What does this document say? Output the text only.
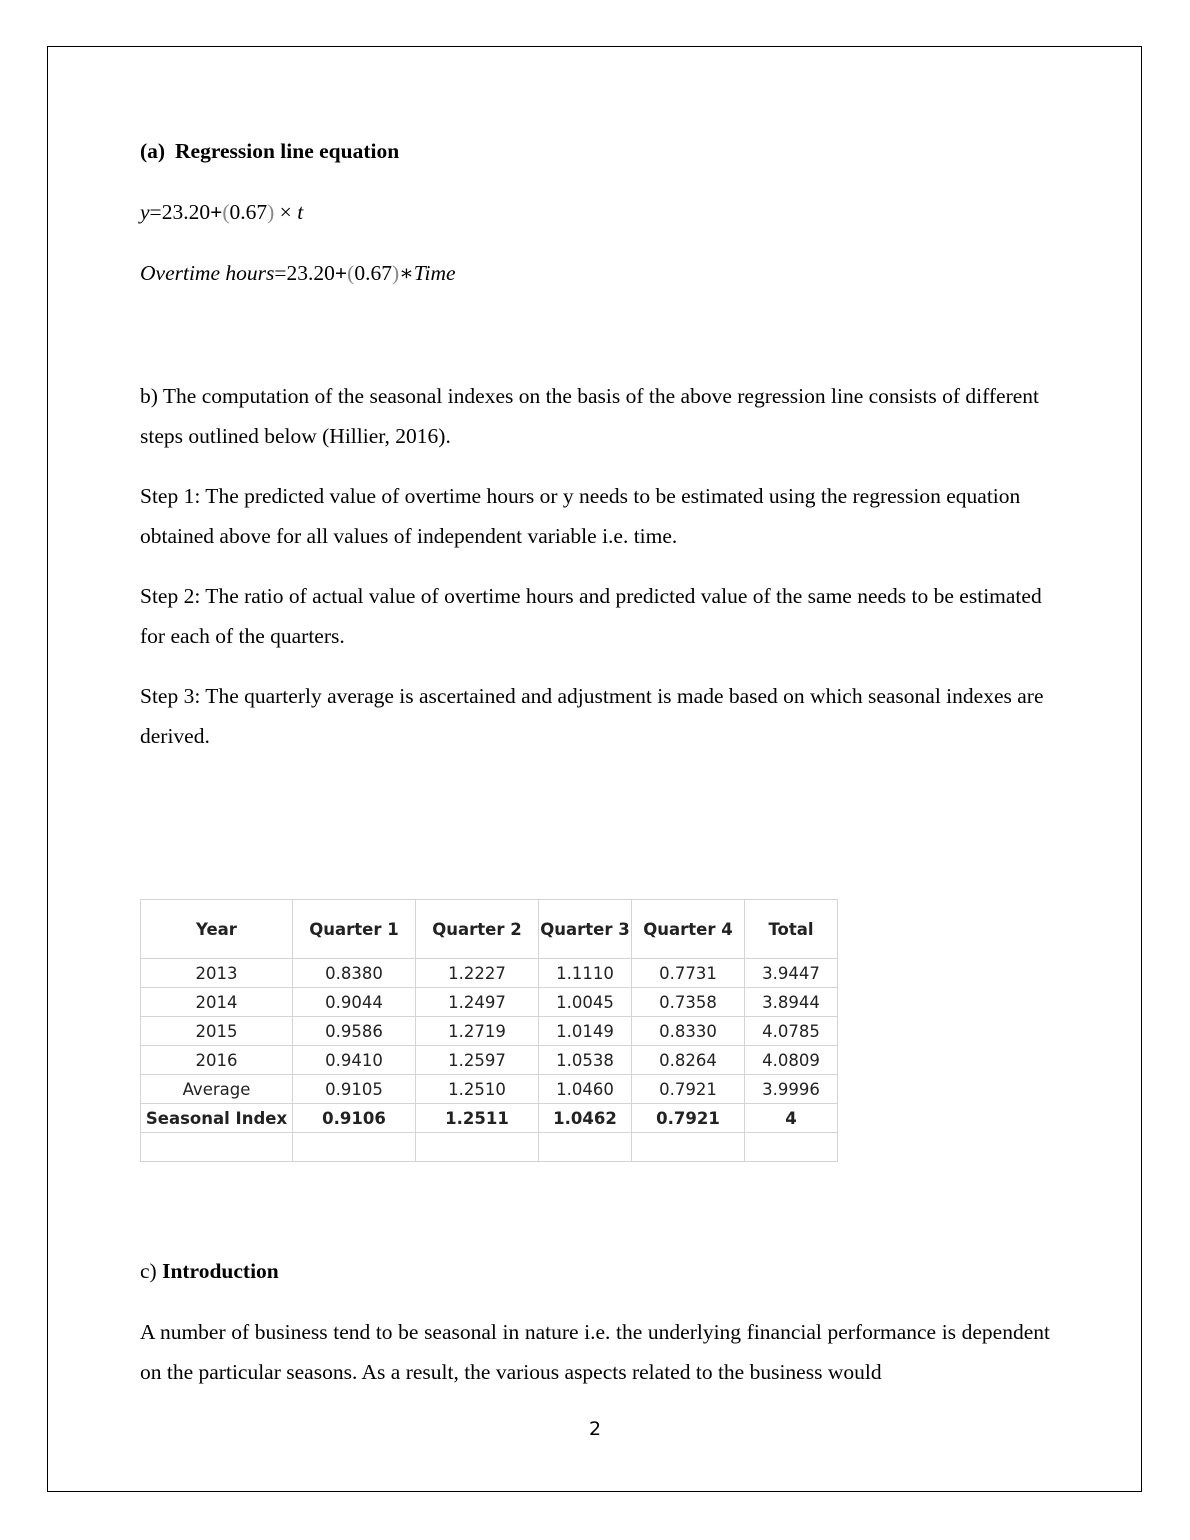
(a) Regression line equation
y=23.20+(0.67) × t
Overtime hours=23.20+(0.67)∗Time
b) The computation of the seasonal indexes on the basis of the above regression line consists of different steps outlined below (Hillier, 2016).
Step 1: The predicted value of overtime hours or y needs to be estimated using the regression equation obtained above for all values of independent variable i.e. time.
Step 2: The ratio of actual value of overtime hours and predicted value of the same needs to be estimated for each of the quarters.
Step 3: The quarterly average is ascertained and adjustment is made based on which seasonal indexes are derived.
Year	Quarter 1	Quarter 2	Quarter 3	Quarter 4	Total
2013	0.8380	1.2227	1.1110	0.7731	3.9447
2014	0.9044	1.2497	1.0045	0.7358	3.8944
2015	0.9586	1.2719	1.0149	0.8330	4.0785
2016	0.9410	1.2597	1.0538	0.8264	4.0809
Average	0.9105	1.2510	1.0460	0.7921	3.9996
Seasonal Index	0.9106	1.2511	1.0462	0.7921	4

c) Introduction
A number of business tend to be seasonal in nature i.e. the underlying financial performance is dependent on the particular seasons. As a result, the various aspects related to the business would
2
